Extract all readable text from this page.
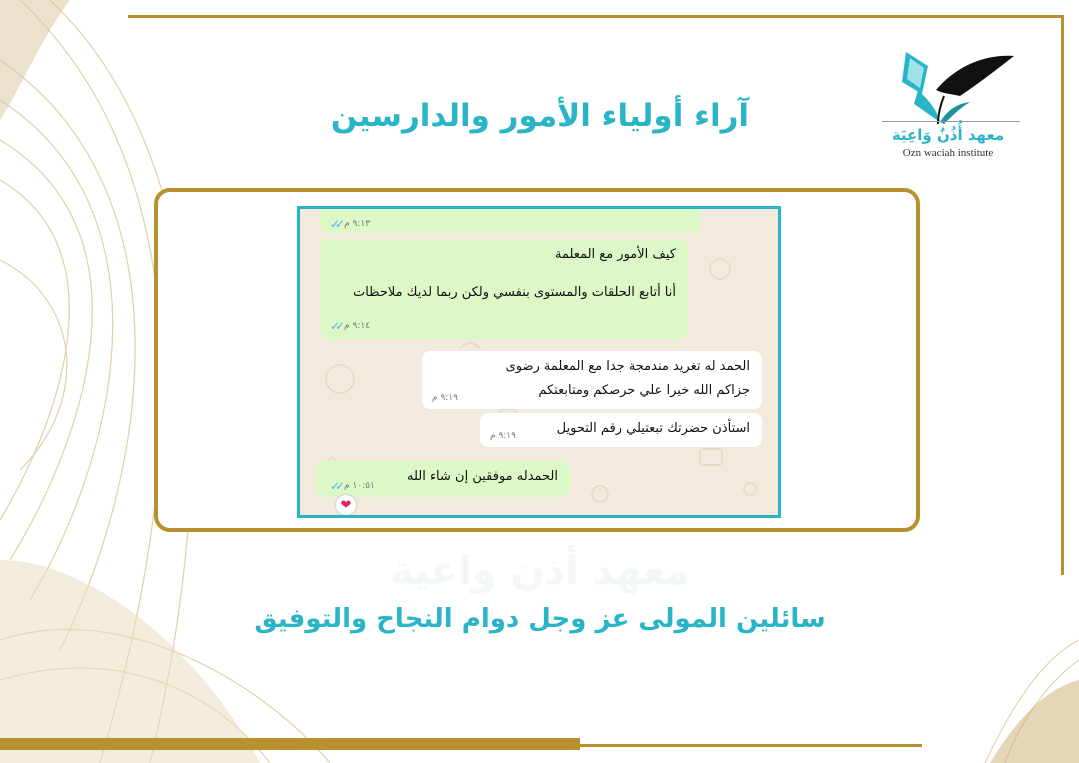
معهد أُذُنٌ وَاعِيَة
Ozn waciah institute
آراء أولياء الأمور والدارسين
٩:١٣ م
✓✓
كيف الأمور مع المعلمة
أنا أتابع الحلقات والمستوى بنفسي ولكن ربما لديك ملاحظات
٩:١٤ م
✓✓
الحمد له تغريد مندمجة جدا مع المعلمة رضوى
جزاكم الله خيرا علي حرصكم ومتابعتكم
٩:١٩ م
استأذن حضرتك تبعتيلي رقم التحويل
٩:١٩ م
الحمدله موفقين إن شاء الله
١٠:٥١ م
✓✓
❤
معهد أذن واعية
سائلين المولى عز وجل دوام النجاح والتوفيق
